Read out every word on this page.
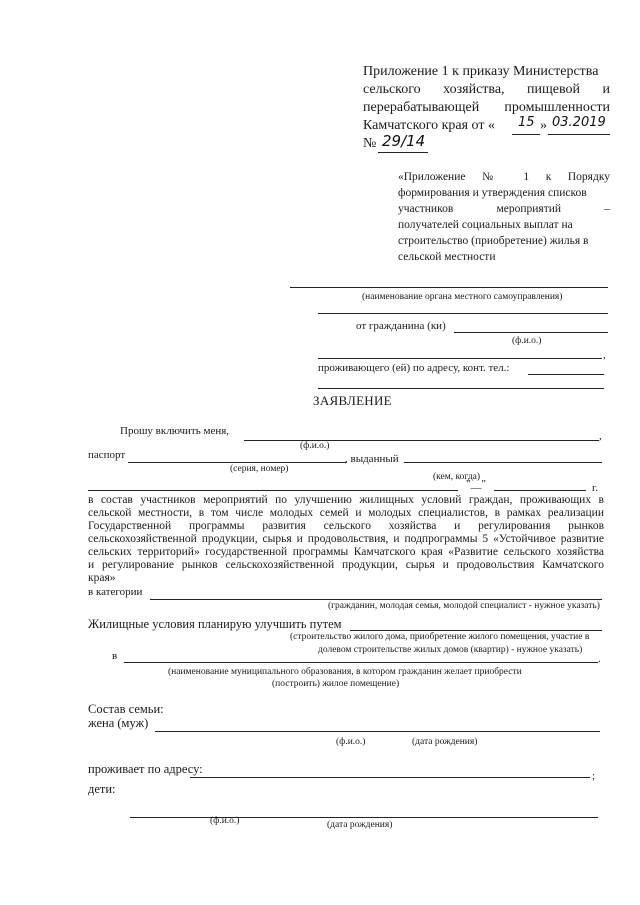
Приложение 1 к приказу Министерства
сельского хозяйства, пищевой и
перерабатывающей промышленности
Камчатского края от « 15 » 03.2019
№ 29/14
«Приложение № 1 к Порядку
формирования и утверждения списков
участников мероприятий –
получателей социальных выплат на
строительство (приобретение) жилья в
сельской местности
(наименование органа местного самоуправления)
от гражданина (ки)
(ф.и.о.)
,
проживающего (ей) по адресу, конт. тел.:
ЗАЯВЛЕНИЕ
Прошу включить меня,	,
(ф.и.о.)
паспорт	, выданный
(серия, номер)
(кем, когда)
"__"	г.
в состав участников мероприятий по улучшению жилищных условий граждан, проживающих в
сельской местности, в том числе молодых семей и молодых специалистов, в рамках реализации
Государственной программы развития сельского хозяйства и регулирования рынков
сельскохозяйственной продукции, сырья и продовольствия, и подпрограммы 5 «Устойчивое развитие
сельских территорий» государственной программы Камчатского края «Развитие сельского хозяйства
и регулирование рынков сельскохозяйственной продукции, сырья и продовольствия Камчатского
края»
в категории
(гражданин, молодая семья, молодой специалист - нужное указать)
Жилищные условия планирую улучшить путем
(строительство жилого дома, приобретение жилого помещения, участие в
долевом строительстве жилых домов (квартир) - нужное указать)
в	.
(наименование муниципального образования, в котором гражданин желает приобрести
(построить) жилое помещение)
Состав семьи:
жена (муж)
(ф.и.о.)	(дата рождения)
проживает по адресу:	;
дети:
(ф.и.о.)	(дата рождения)
